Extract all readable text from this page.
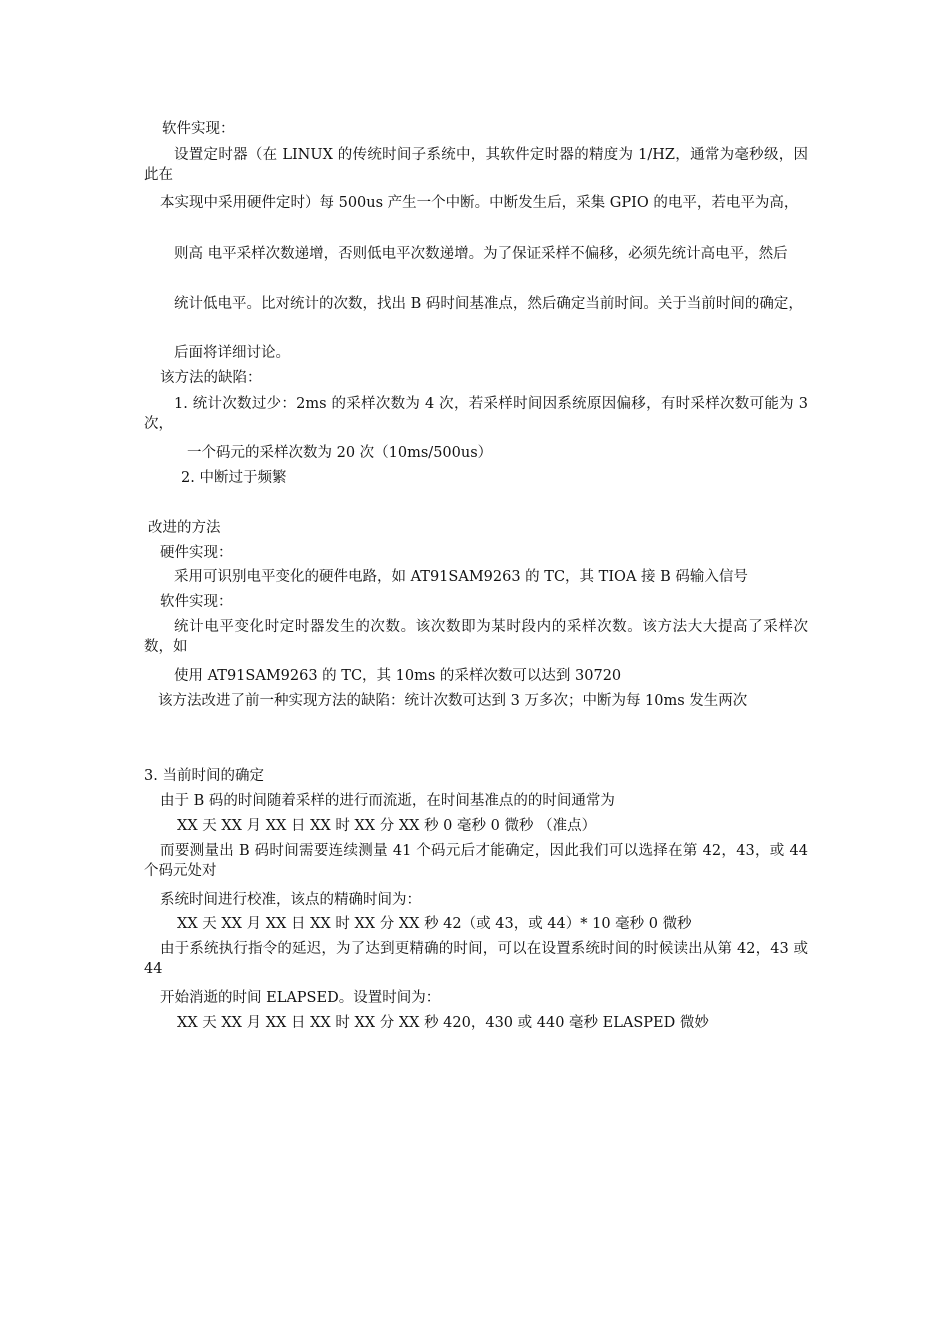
软件实现：
设置定时器（在 LINUX 的传统时间子系统中，其软件定时器的精度为 1/HZ，通常为毫秒级，因此在
本实现中采用硬件定时）每 500us 产生一个中断。中断发生后，采集 GPIO 的电平，若电平为高，
则高 电平采样次数递增，否则低电平次数递增。为了保证采样不偏移，必须先统计高电平，然后
统计低电平。比对统计的次数，找出 B 码时间基准点，然后确定当前时间。关于当前时间的确定，
后面将详细讨论。
该方法的缺陷：
1. 统计次数过少：2ms 的采样次数为 4 次，若采样时间因系统原因偏移，有时采样次数可能为 3 次，
一个码元的采样次数为 20 次（10ms/500us）
2. 中断过于频繁
改进的方法
硬件实现：
采用可识别电平变化的硬件电路，如 AT91SAM9263 的 TC，其 TIOA 接 B 码输入信号
软件实现：
统计电平变化时定时器发生的次数。该次数即为某时段内的采样次数。该方法大大提高了采样次数，如
使用 AT91SAM9263 的 TC，其 10ms 的采样次数可以达到 30720
该方法改进了前一种实现方法的缺陷：统计次数可达到 3 万多次；中断为每 10ms 发生两次
3. 当前时间的确定
由于 B 码的时间随着采样的进行而流逝，在时间基准点的的时间通常为
XX 天 XX 月 XX 日 XX 时 XX 分 XX 秒 0 毫秒 0 微秒 （准点）
而要测量出 B 码时间需要连续测量 41 个码元后才能确定，因此我们可以选择在第 42，43，或 44 个码元处对
系统时间进行校准，该点的精确时间为：
XX 天 XX 月 XX 日 XX 时 XX 分 XX 秒 42（或 43，或 44）* 10 毫秒 0 微秒
由于系统执行指令的延迟，为了达到更精确的时间，可以在设置系统时间的时候读出从第 42，43 或 44
开始消逝的时间 ELAPSED。设置时间为：
XX 天 XX 月 XX 日 XX 时 XX 分 XX 秒 420，430 或 440 毫秒 ELASPED 微妙
